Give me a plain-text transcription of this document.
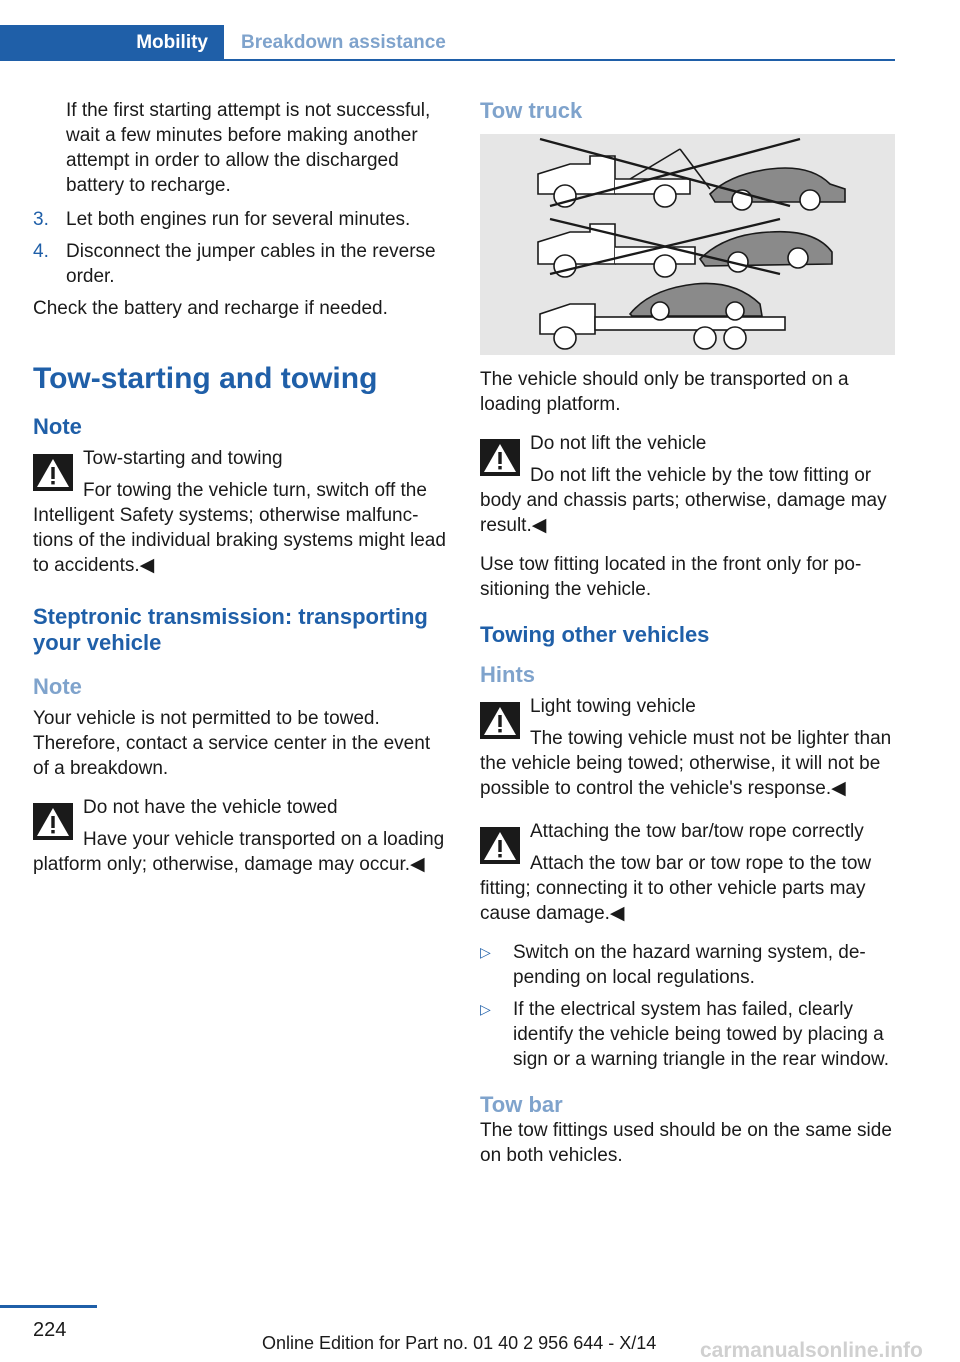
Mobility	Breakdown assistance
If the first starting attempt is not successful, wait a few minutes before making another attempt in order to allow the discharged battery to recharge.
3. Let both engines run for several minutes.
4. Disconnect the jumper cables in the reverse order.
Check the battery and recharge if needed.
Tow-starting and towing
Note
Tow-starting and towing
For towing the vehicle turn, switch off the Intelligent Safety systems; otherwise malfunctions of the individual braking systems might lead to accidents.◀
Steptronic transmission: transporting your vehicle
Note
Your vehicle is not permitted to be towed. Therefore, contact a service center in the event of a breakdown.
Do not have the vehicle towed
Have your vehicle transported on a loading platform only; otherwise, damage may occur.◀
Tow truck
The vehicle should only be transported on a loading platform.
Do not lift the vehicle
Do not lift the vehicle by the tow fitting or body and chassis parts; otherwise, damage may result.◀
Use tow fitting located in the front only for positioning the vehicle.
Towing other vehicles
Hints
Light towing vehicle
The towing vehicle must not be lighter than the vehicle being towed; otherwise, it will not be possible to control the vehicle's response.◀
Attaching the tow bar/tow rope correctly
Attach the tow bar or tow rope to the tow fitting; connecting it to other vehicle parts may cause damage.◀
▷ Switch on the hazard warning system, depending on local regulations.
▷ If the electrical system has failed, clearly identify the vehicle being towed by placing a sign or a warning triangle in the rear window.
Tow bar
The tow fittings used should be on the same side on both vehicles.
224
Online Edition for Part no. 01 40 2 956 644 - X/14 carmanualsonline.info
